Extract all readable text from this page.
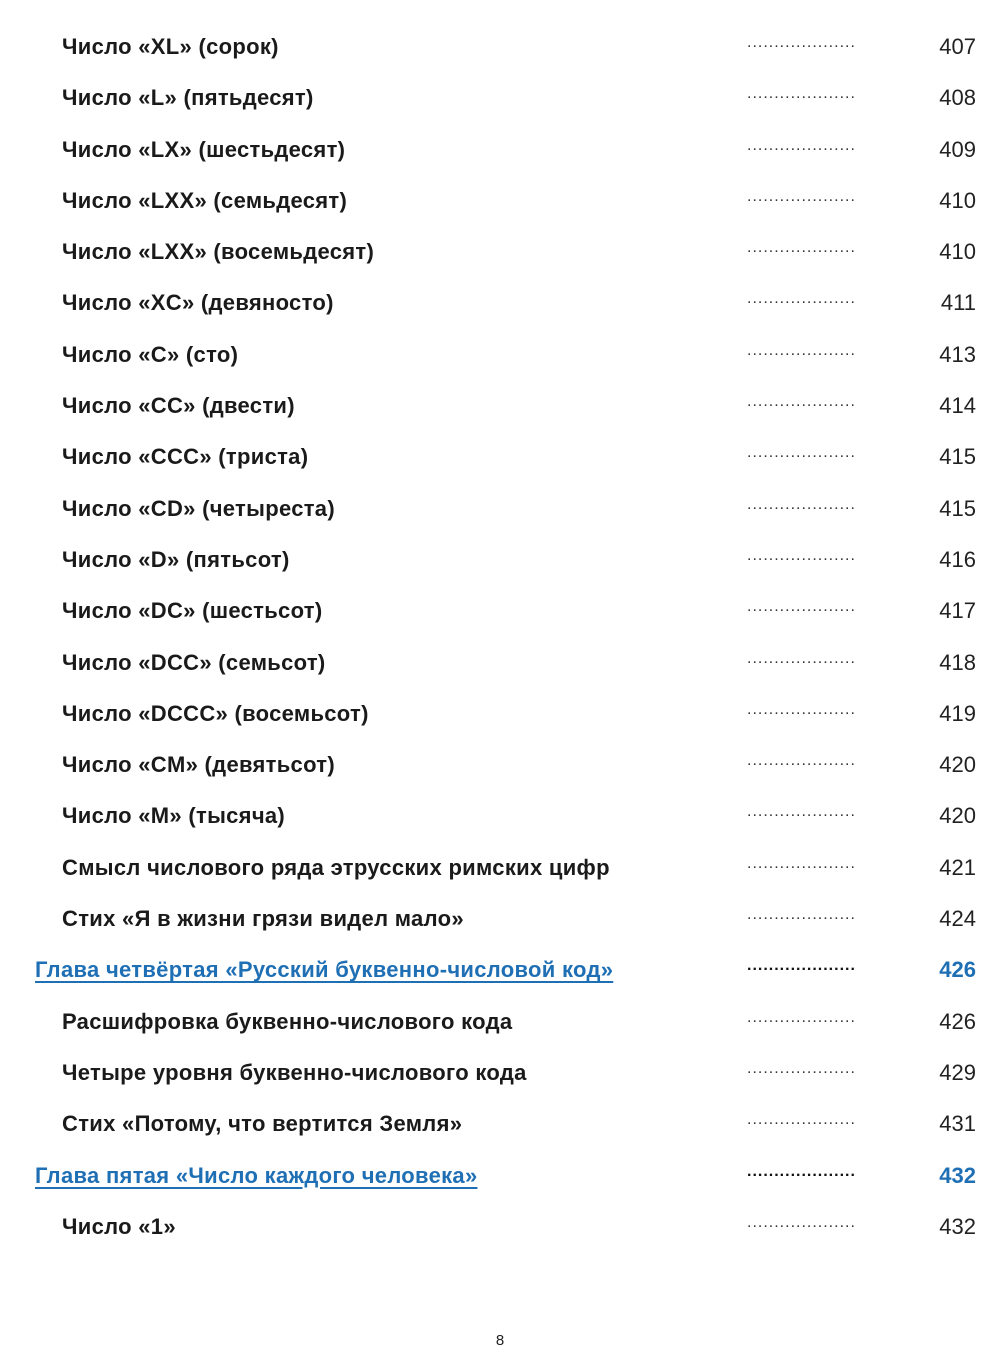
Число «XL» (сорок)	....................	407
Число «L» (пятьдесят)	....................	408
Число «LX» (шестьдесят)	....................	409
Число «LXX» (семьдесят)	....................	410
Число «LXX» (восемьдесят)	....................	410
Число «XC» (девяносто)	....................	411
Число «C» (сто)	....................	413
Число «CC» (двести)	....................	414
Число «CCC» (триста)	....................	415
Число «CD» (четыреста)	....................	415
Число «D» (пятьсот)	....................	416
Число «DC» (шестьсот)	....................	417
Число «DCC» (семьсот)	....................	418
Число «DCCC» (восемьсот)	....................	419
Число «CM» (девятьсот)	....................	420
Число «M» (тысяча)	....................	420
Смысл числового ряда этрусских римских цифр	....................	421
Стих «Я в жизни грязи видел мало»	....................	424
Глава четвёртая «Русский буквенно-числовой код»	....................	426
Расшифровка буквенно-числового кода	....................	426
Четыре уровня буквенно-числового кода	....................	429
Стих «Потому, что вертится Земля»	....................	431
Глава пятая «Число каждого человека»	....................	432
Число «1»	....................	432
8
